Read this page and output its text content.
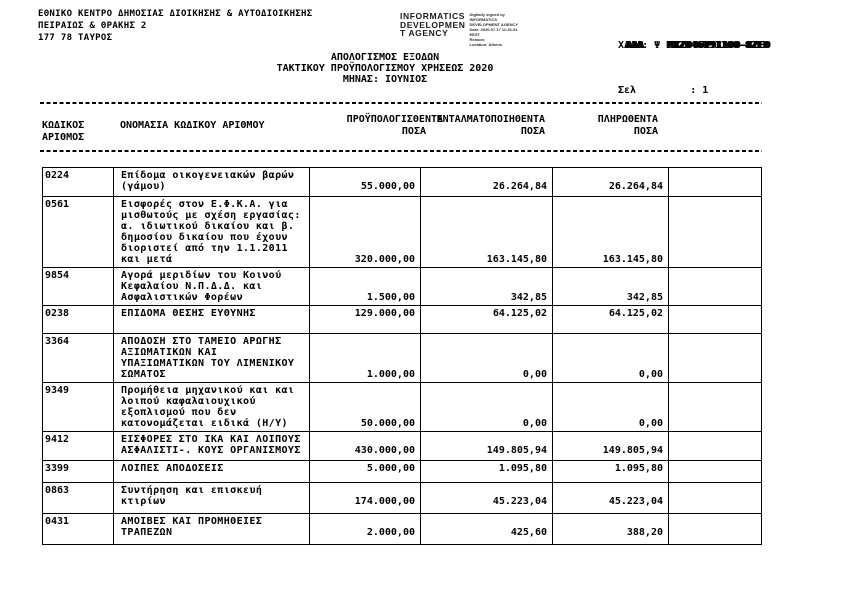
ΕΘΝΙΚΟ ΚΕΝΤΡΟ ΔΗΜΟΣΙΑΣ ΔΙΟΙΚΗΣΗΣ & ΑΥΤΟΔΙΟΙΚΗΣΗΣ
ΠΕΙΡΑΙΩΣ & ΘΡΑΚΗΣ 2
177 78 ΤΑΥΡΟΣ
INFORMATICS
DEVELOPMEN
T AGENCY
Digitally signed by
INFORMATICS
DEVELOPMENT AGENCY
Date: 2020.07.17 11:26:31
EEST
Reason:
Location: Athens

	ΧΑΔΑ ΑΔΑ ΑΔΑ: Ψ ΜΧΖ046Ψ91100-8ΖΕ0 ΜΧΖ046Ψ91100-8ΖΕ0 ΜΧΖ046Ψ91100-8ΖΕ0

Σελ         : 1

ΑΠΟΛΟΓΙΣΜΟΣ ΕΞΟΔΩΝ
ΤΑΚΤΙΚΟΥ ΠΡΟΫΠΟΛΟΓΙΣΜΟΥ ΧΡΗΣΕΩΣ 2020
ΜΗΝΑΣ: ΙΟΥΝΙΟΣ
ΚΩΔΙΚΟΣ
ΑΡΙΘΜΟΣ
ΟΝΟΜΑΣΙΑ ΚΩΔΙΚΟΥ ΑΡΙΘΜΟΥ
ΠΡΟΫΠΟΛΟΓΙΣΘΕΝΤΑ
ΠΟΣΑ
ΕΝΤΑΛΜΑΤΟΠΟΙΗΘΕΝΤΑ
ΠΟΣΑ
ΠΛΗΡΩΘΕΝΤΑ
ΠΟΣΑ
0224	Επίδομα οικογενειακών βαρών
(γάμου)	55.000,00	26.264,84	26.264,84
0561	Εισφορές στον Ε.Φ.Κ.Α. για
μισθωτούς με σχέση εργασίας:
α. ιδιωτικού δικαίου και β.
δημοσίου δικαίου που έχουν
διοριστεί από την 1.1.2011
και μετά	320.000,00	163.145,80	163.145,80
9854	Αγορά μεριδίων του Κοινού
Κεφαλαίου Ν.Π.Δ.Δ. και
Ασφαλιστικών Φορέων	1.500,00	342,85	342,85
0238	ΕΠΙΔΟΜΑ ΘΕΣΗΣ ΕΥΘΥΝΗΣ	129.000,00	64.125,02	64.125,02
3364	ΑΠΟΔΟΣΗ ΣΤΟ ΤΑΜΕΙΟ ΑΡΩΓΗΣ
ΑΞΙΩΜΑΤΙΚΩΝ ΚΑΙ
ΥΠΑΞΙΩΜΑΤΙΚΩΝ ΤΟΥ ΛΙΜΕΝΙΚΟΥ
ΣΩΜΑΤΟΣ	1.000,00	0,00	0,00
9349	Προμήθεια μηχανικού και και
λοιπού καφαλαιουχικού
εξοπλισμού που δεν
κατονομάζεται ειδικά (Η/Υ)	50.000,00	0,00	0,00
9412	ΕΙΣΦΟΡΕΣ ΣΤΟ ΙΚΑ ΚΑΙ ΛΟΙΠΟΥΣ
ΑΣΦΑΛΙΣΤΙ-. ΚΟΥΣ ΟΡΓΑΝΙΣΜΟΥΣ	430.000,00	149.805,94	149.805,94
3399	ΛΟΙΠΕΣ ΑΠΟΔΟΣΕΙΣ	5.000,00	1.095,80	1.095,80
0863	Συντήρηση και επισκευή
κτιρίων	174.000,00	45.223,04	45.223,04
0431	ΑΜΟΙΒΕΣ ΚΑΙ ΠΡΟΜΗΘΕΙΕΣ
ΤΡΑΠΕΖΩΝ	2.000,00	425,60	388,20
